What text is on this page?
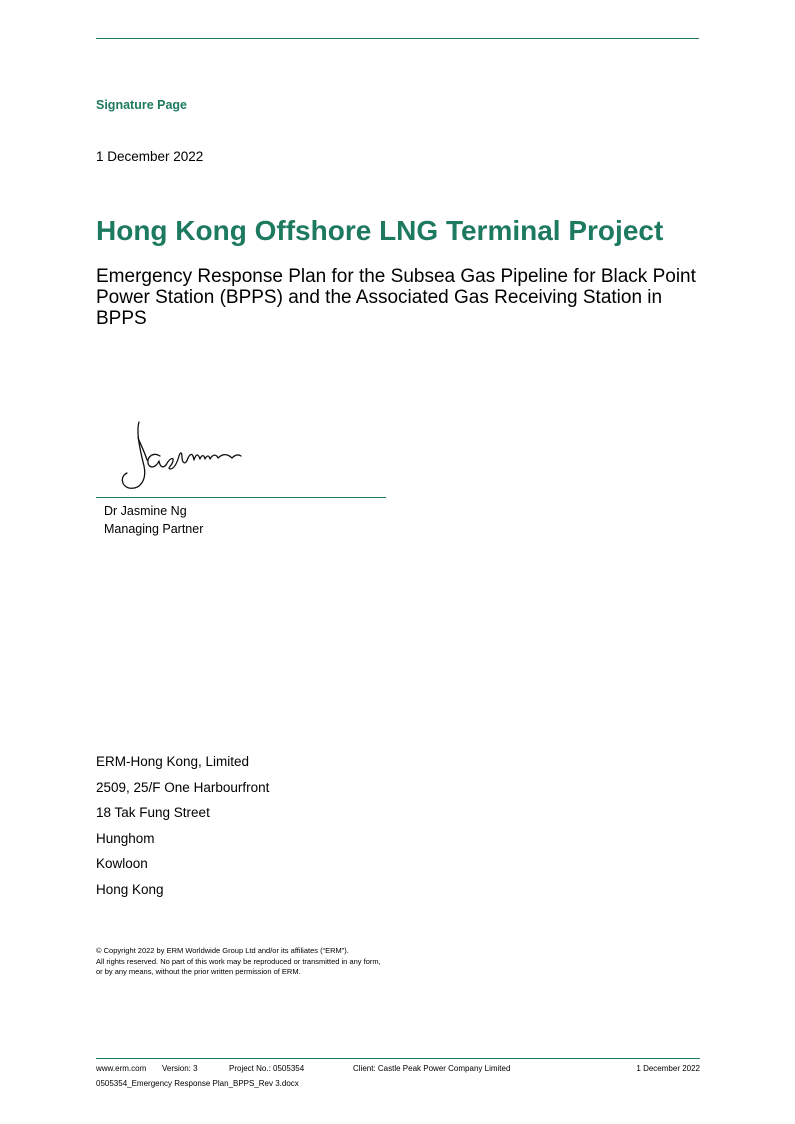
Signature Page
1 December 2022
Hong Kong Offshore LNG Terminal Project
Emergency Response Plan for the Subsea Gas Pipeline for Black Point Power Station (BPPS) and the Associated Gas Receiving Station in BPPS
Dr Jasmine Ng
Managing Partner
ERM-Hong Kong, Limited
2509, 25/F One Harbourfront
18 Tak Fung Street
Hunghom
Kowloon
Hong Kong
© Copyright 2022 by ERM Worldwide Group Ltd and/or its affiliates (“ERM”).
All rights reserved. No part of this work may be reproduced or transmitted in any form,
or by any means, without the prior written permission of ERM.
www.erm.com Version: 3	Project No.: 0505354	Client: Castle Peak Power Company Limited	1 December 2022
0505354_Emergency Response Plan_BPPS_Rev 3.docx
